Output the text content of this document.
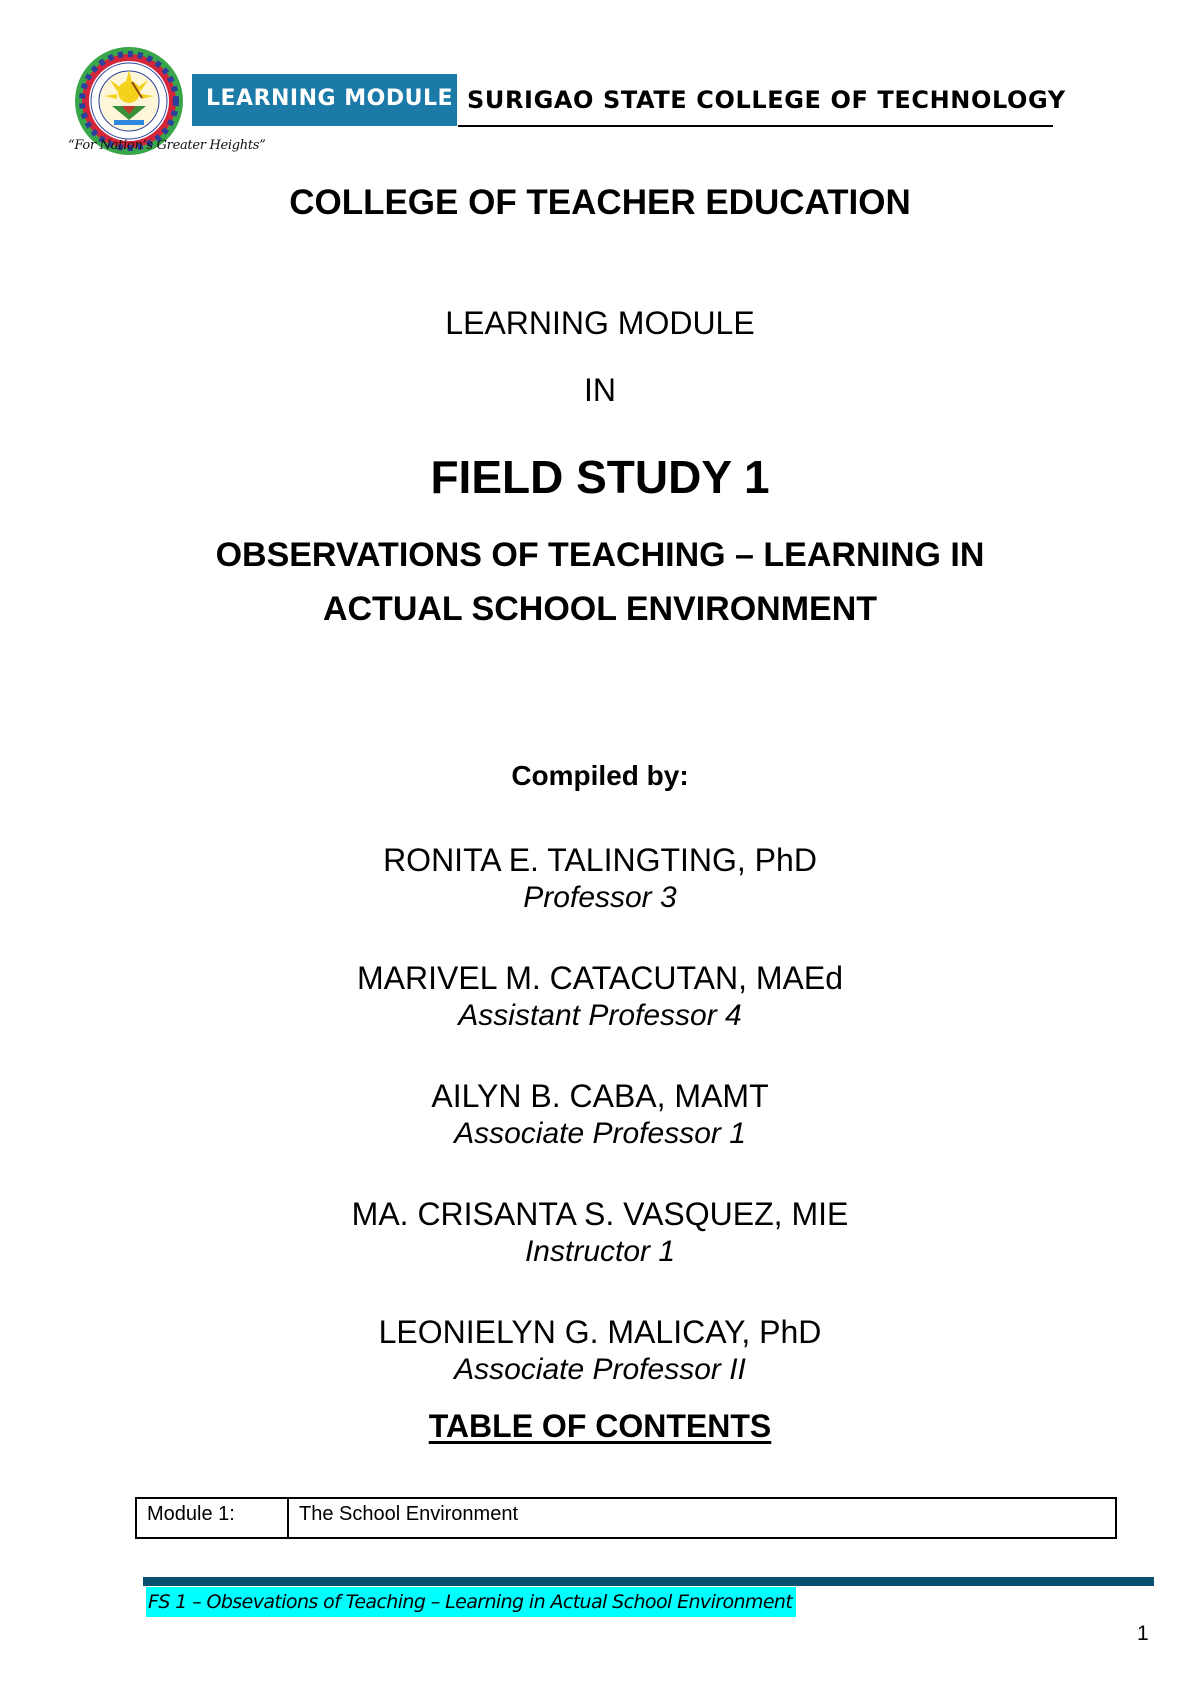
“For Nation’s Greater Heights”
LEARNING MODULE SURIGAO STATE COLLEGE OF TECHNOLOGY
COLLEGE OF TEACHER EDUCATION
LEARNING MODULE
IN
FIELD STUDY 1
OBSERVATIONS OF TEACHING – LEARNING IN
ACTUAL SCHOOL ENVIRONMENT
Compiled by:
RONITA E. TALINGTING, PhD
Professor 3
MARIVEL M. CATACUTAN, MAEd
Assistant Professor 4
AILYN B. CABA, MAMT
Associate Professor 1
MA. CRISANTA S. VASQUEZ, MIE
Instructor 1
LEONIELYN G. MALICAY, PhD
Associate Professor II
TABLE OF CONTENTS
Module 1:	The School Environment
FS 1 – Obsevations of Teaching – Learning in Actual School Environment
1
